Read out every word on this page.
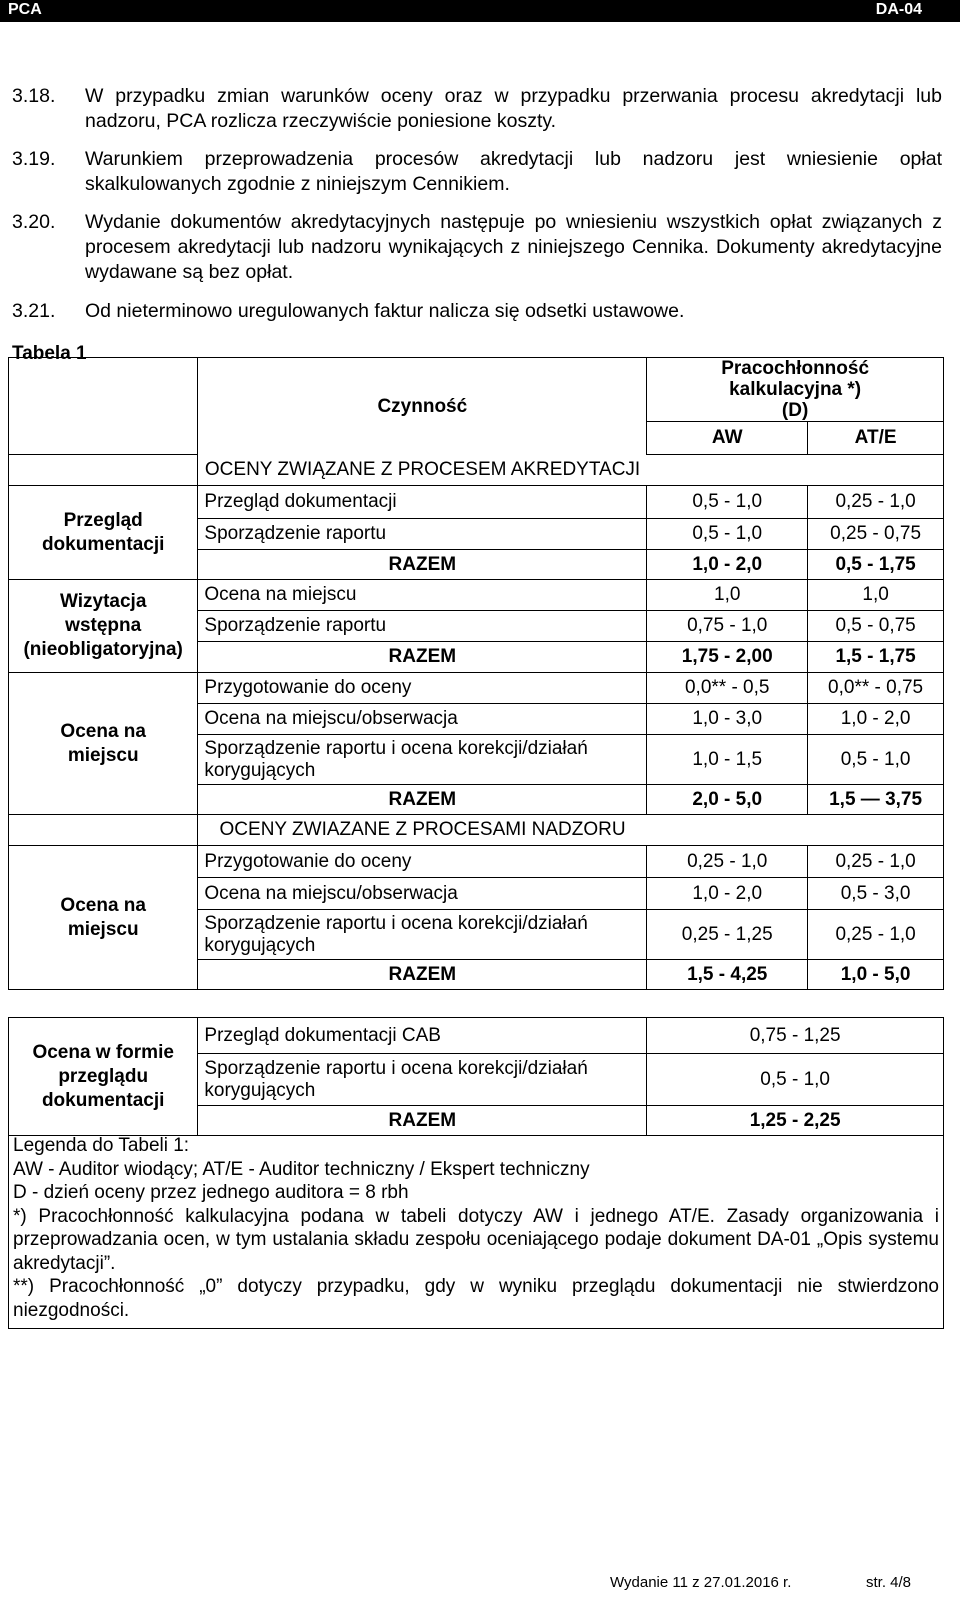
PCA	DA-04
3.18. W przypadku zmian warunków oceny oraz w przypadku przerwania procesu akredytacji lub nadzoru, PCA rozlicza rzeczywiście poniesione koszty.
3.19. Warunkiem przeprowadzenia procesów akredytacji lub nadzoru jest wniesienie opłat skalkulowanych zgodnie z niniejszym Cennikiem.
3.20. Wydanie dokumentów akredytacyjnych następuje po wniesieniu wszystkich opłat związanych z procesem akredytacji lub nadzoru wynikających z niniejszego Cennika. Dokumenty akredytacyjne wydawane są bez opłat.
3.21. Od nieterminowo uregulowanych faktur nalicza się odsetki ustawowe.
Tabela 1
	Czynność	Pracochłonność
kalkulacyjna *)
(D)	

		AW	AT/E
	OCENY ZWIĄZANE Z PROCESEM AKREDYTACJI		

Przegląd
dokumentacji	Przegląd dokumentacji	0,5 - 1,0	0,25 - 1,0
	Sporządzenie raportu	0,5 - 1,0	0,25 - 0,75
	RAZEM	1,0 - 2,0	0,5 - 1,75

Wizytacja
wstępna
(nieobligatoryjna)	Ocena na miejscu	1,0	1,0
	Sporządzenie raportu	0,75 - 1,0	0,5 - 0,75
	RAZEM	1,75 - 2,00	1,5 - 1,75

Ocena na
miejscu	Przygotowanie do oceny	0,0** - 0,5	0,0** - 0,75
	Ocena na miejscu/obserwacja	1,0 - 3,0	1,0 - 2,0

	Sporządzenie raportu i ocena korekcji/działań
korygujących	1,0 - 1,5	0,5 - 1,0
	RAZEM	2,0 - 5,0	1,5 — 3,75
	OCENY ZWIAZANE Z PROCESAMI NADZORU		

Ocena na
miejscu	Przygotowanie do oceny	0,25 - 1,0	0,25 - 1,0
	Ocena na miejscu/obserwacja	1,0 - 2,0	0,5 - 3,0

	Sporządzenie raportu i ocena korekcji/działań
korygujących	0,25 - 1,25	0,25 - 1,0
	RAZEM	1,5 - 4,25	1,0 - 5,0

Ocena w formie
przeglądu
dokumentacji	Przegląd dokumentacji CAB	0,75 - 1,25	

	Sporządzenie raportu i ocena korekcji/działań
korygujących	0,5 - 1,0	
	RAZEM	1,25 - 2,25	
Legenda do Tabeli 1:
AW - Auditor wiodący; AT/E - Auditor techniczny / Ekspert techniczny
D - dzień oceny przez jednego auditora = 8 rbh
*) Pracochłonność kalkulacyjna podana w tabeli dotyczy AW i jednego AT/E. Zasady organizowania i przeprowadzania ocen, w tym ustalania składu zespołu oceniającego podaje dokument DA-01 „Opis systemu akredytacji”.
**) Pracochłonność „0” dotyczy przypadku, gdy w wyniku przeglądu dokumentacji nie stwierdzono niezgodności.
Wydanie 11 z 27.01.2016 r.	str. 4/8
